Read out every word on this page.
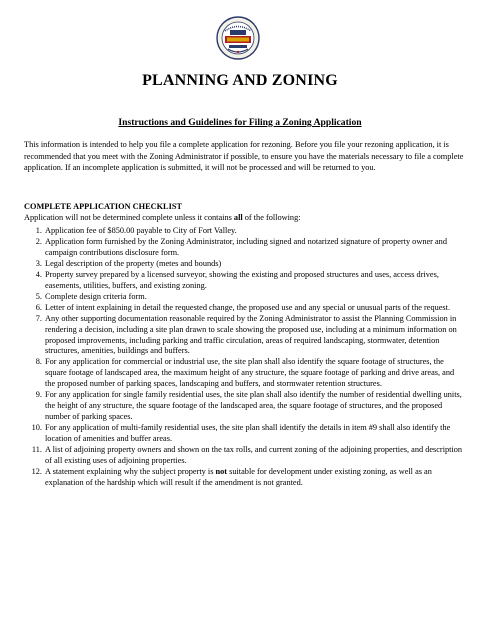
PLANNING AND ZONING
Instructions and Guidelines for Filing a Zoning Application
This information is intended to help you file a complete application for rezoning. Before you file your rezoning application, it is recommended that you meet with the Zoning Administrator if possible, to ensure you have the materials necessary to file a complete application. If an incomplete application is submitted, it will not be processed and will be returned to you.
COMPLETE APPLICATION CHECKLIST
Application will not be determined complete unless it contains all of the following:
1. Application fee of $850.00 payable to City of Fort Valley.
2. Application form furnished by the Zoning Administrator, including signed and notarized signature of property owner and campaign contributions disclosure form.
3. Legal description of the property (metes and bounds)
4. Property survey prepared by a licensed surveyor, showing the existing and proposed structures and uses, access drives, easements, utilities, buffers, and existing zoning.
5. Complete design criteria form.
6. Letter of intent explaining in detail the requested change, the proposed use and any special or unusual parts of the request.
7. Any other supporting documentation reasonable required by the Zoning Administrator to assist the Planning Commission in rendering a decision, including a site plan drawn to scale showing the proposed use, including at a minimum information on proposed improvements, including parking and traffic circulation, areas of required landscaping, stormwater, detention structures, amenities, buildings and buffers.
8. For any application for commercial or industrial use, the site plan shall also identify the square footage of structures, the square footage of landscaped area, the maximum height of any structure, the square footage of parking and drive areas, and the proposed number of parking spaces, landscaping and buffers, and stormwater retention structures.
9. For any application for single family residential uses, the site plan shall also identify the number of residential dwelling units, the height of any structure, the square footage of the landscaped area, the square footage of structures, and the proposed number of parking spaces.
10. For any application of multi-family residential uses, the site plan shall identify the details in item #9 shall also identify the location of amenities and buffer areas.
11. A list of adjoining property owners and shown on the tax rolls, and current zoning of the adjoining properties, and description of all existing uses of adjoining properties.
12. A statement explaining why the subject property is not suitable for development under existing zoning, as well as an explanation of the hardship which will result if the amendment is not granted.
